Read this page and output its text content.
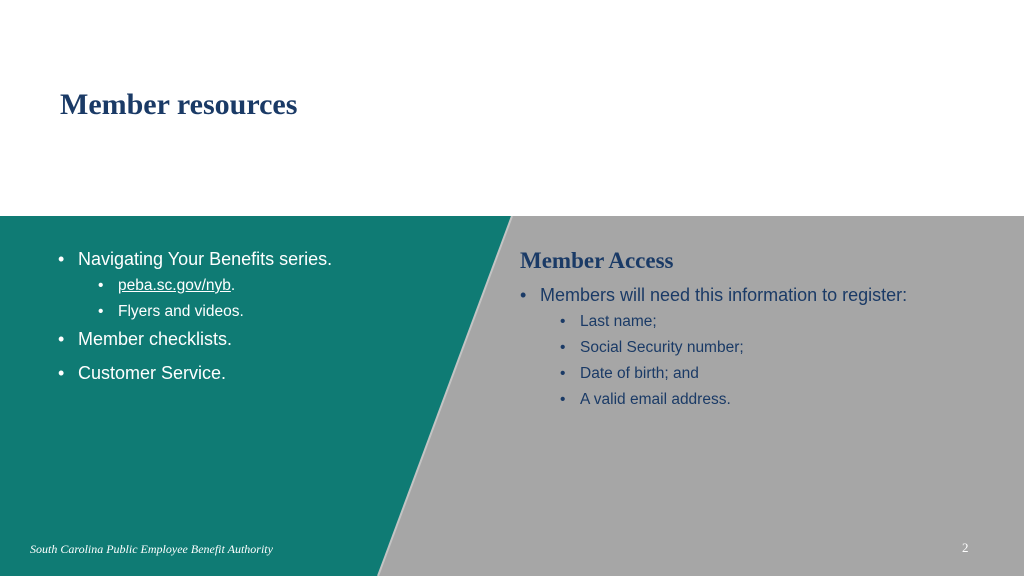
Member resources
• Navigating Your Benefits series.
• peba.sc.gov/nyb.
• Flyers and videos.
• Member checklists.
• Customer Service.
Member Access
• Members will need this information to register:
• Last name;
• Social Security number;
• Date of birth; and
• A valid email address.
South Carolina Public Employee Benefit Authority	2
